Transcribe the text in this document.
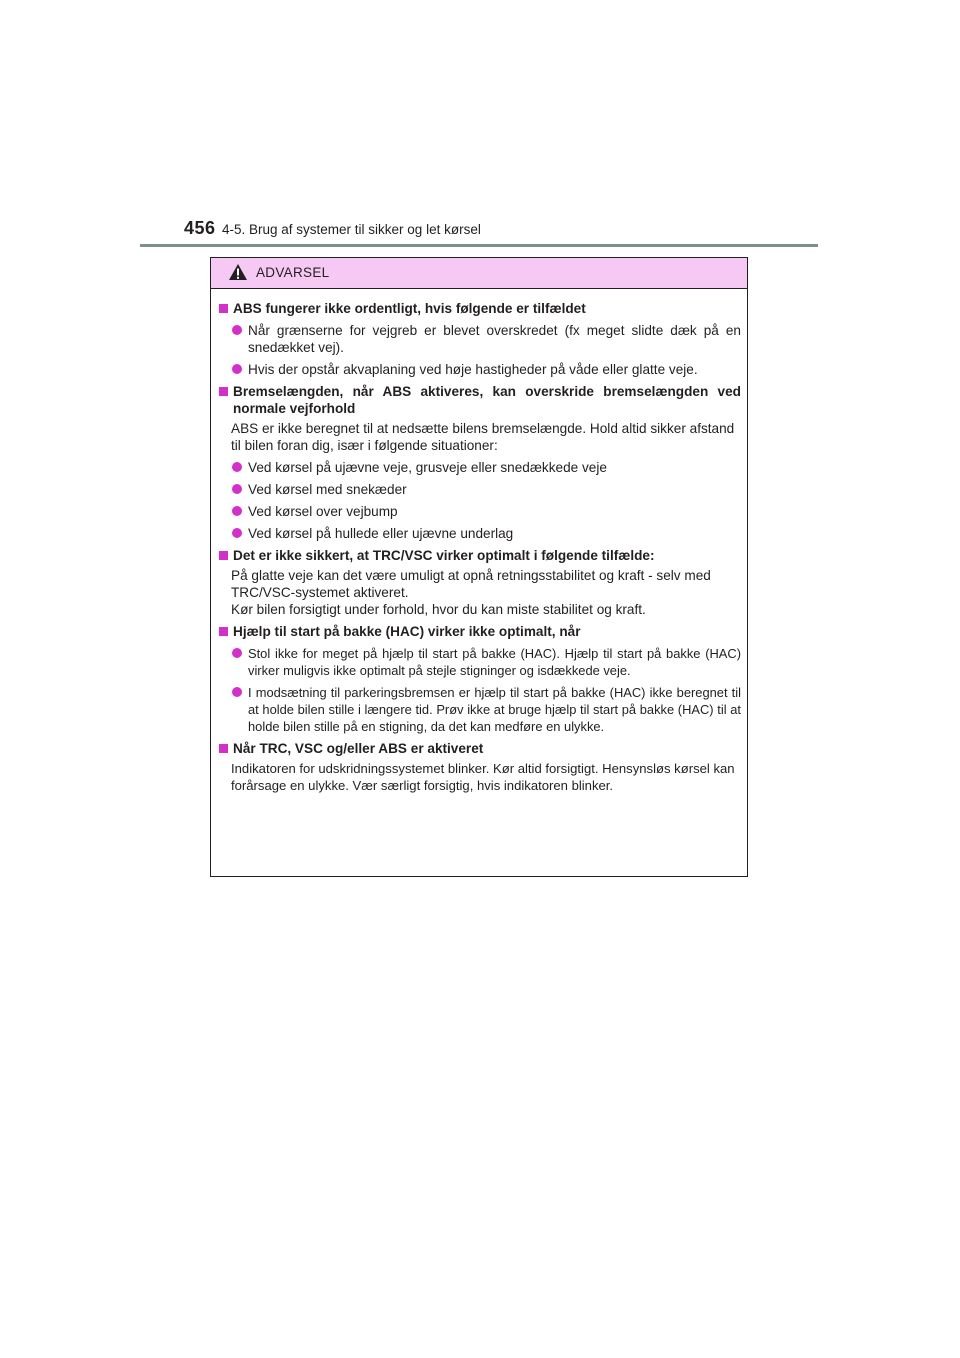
456 4-5. Brug af systemer til sikker og let kørsel
ADVARSEL
ABS fungerer ikke ordentligt, hvis følgende er tilfældet
Når grænserne for vejgreb er blevet overskredet (fx meget slidte dæk på en snedækket vej).
Hvis der opstår akvaplaning ved høje hastigheder på våde eller glatte veje.
Bremselængden, når ABS aktiveres, kan overskride bremselængden ved normale vejforhold
ABS er ikke beregnet til at nedsætte bilens bremselængde. Hold altid sikker afstand til bilen foran dig, især i følgende situationer:
Ved kørsel på ujævne veje, grusveje eller snedækkede veje
Ved kørsel med snekæder
Ved kørsel over vejbump
Ved kørsel på hullede eller ujævne underlag
Det er ikke sikkert, at TRC/VSC virker optimalt i følgende tilfælde:
På glatte veje kan det være umuligt at opnå retningsstabilitet og kraft - selv med TRC/VSC-systemet aktiveret.
Kør bilen forsigtigt under forhold, hvor du kan miste stabilitet og kraft.
Hjælp til start på bakke (HAC) virker ikke optimalt, når
Stol ikke for meget på hjælp til start på bakke (HAC). Hjælp til start på bakke (HAC) virker muligvis ikke optimalt på stejle stigninger og isdækkede veje.
I modsætning til parkeringsbremsen er hjælp til start på bakke (HAC) ikke beregnet til at holde bilen stille i længere tid. Prøv ikke at bruge hjælp til start på bakke (HAC) til at holde bilen stille på en stigning, da det kan medføre en ulykke.
Når TRC, VSC og/eller ABS er aktiveret
Indikatoren for udskridningssystemet blinker. Kør altid forsigtigt. Hensynsløs kørsel kan forårsage en ulykke. Vær særligt forsigtig, hvis indikatoren blinker.
